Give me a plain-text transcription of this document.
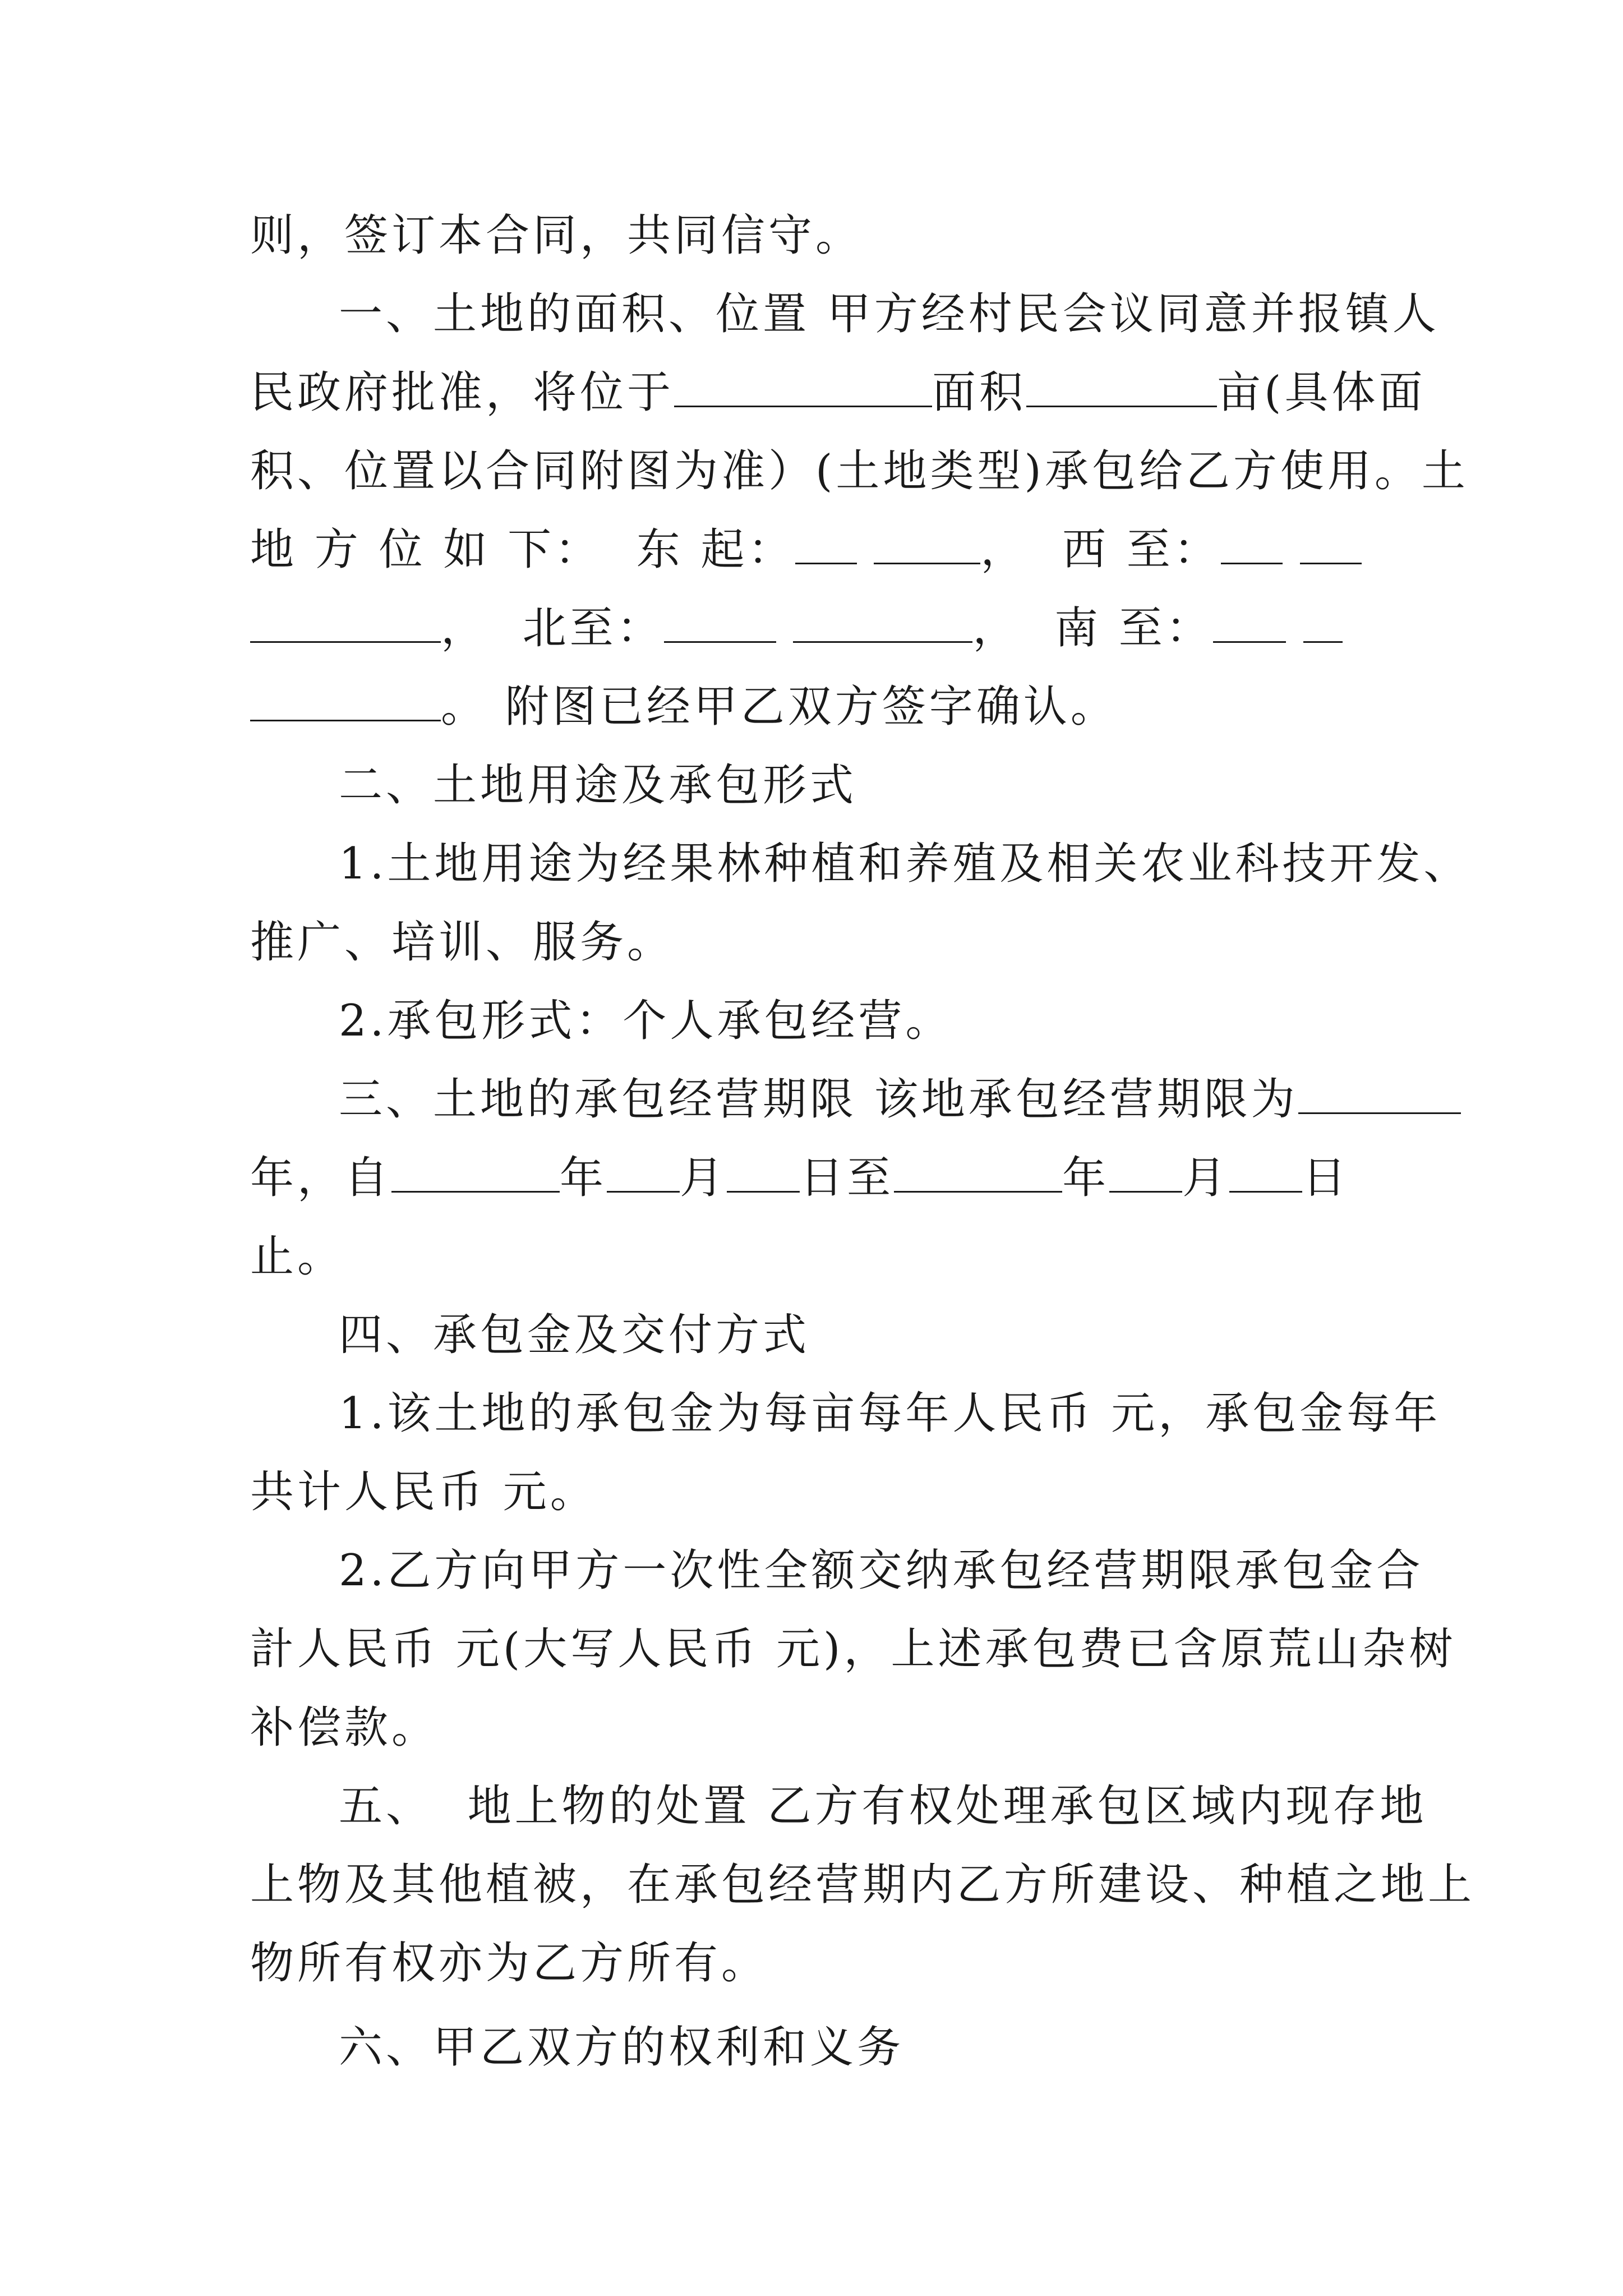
则，签订本合同，共同信守。
一、土地的面积、位置 甲方经村民会议同意并报镇人
民政府批准，将位于	面积	亩(具体面
积、位置以合同附图为准）(土地类型)承包给乙方使用。土
地 方 位 如 下：  东 起：	，  西 至：
，  北至：	，  南 至：
。 附图已经甲乙双方签字确认。
二、土地用途及承包形式
1.土地用途为经果林种植和养殖及相关农业科技开发、
推广、培训、服务。
2.承包形式：个人承包经营。
三、土地的承包经营期限 该地承包经营期限为
年，自	年 月 日至	年 月 日
止。
四、承包金及交付方式
1.该土地的承包金为每亩每年人民币 元，承包金每年
共计人民币 元。
2.乙方向甲方一次性全额交纳承包经营期限承包金合
計人民币 元(大写人民币 元)，上述承包费已含原荒山杂树
补偿款。
五、  地上物的处置 乙方有权处理承包区域内现存地
上物及其他植被，在承包经营期内乙方所建设、种植之地上
物所有权亦为乙方所有。
六、甲乙双方的权利和义务
